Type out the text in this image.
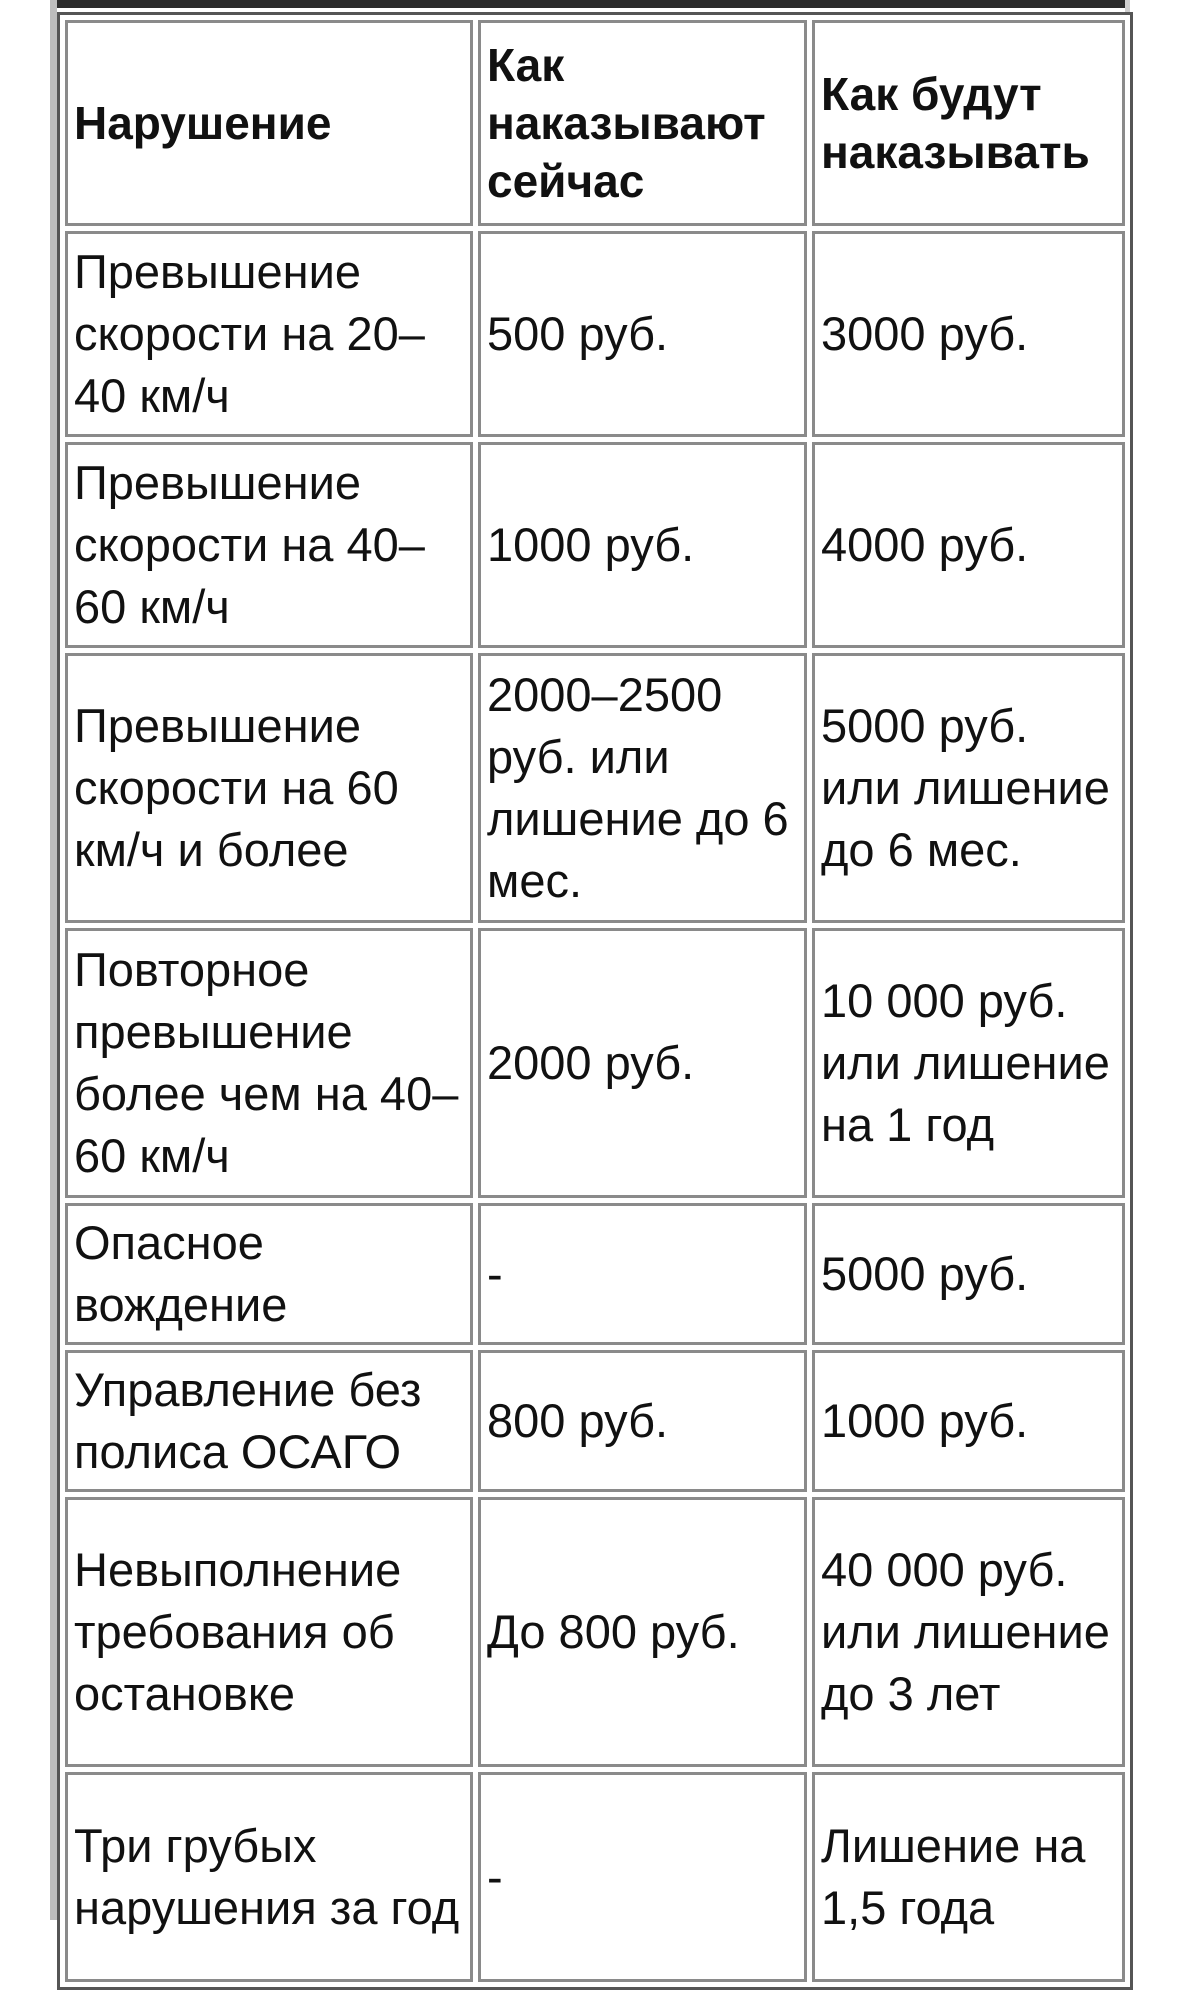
Нарушение	Как наказывают сейчас	Как будут наказывать
Превышение скорости на 20–40 км/ч	500 руб.	3000 руб.
Превышение скорости на 40–60 км/ч	1000 руб.	4000 руб.
Превышение скорости на 60 км/ч и более	2000–2500 руб. или лишение до 6 мес.	5000 руб. или лишение до 6 мес.
Повторное превышение более чем на 40–60 км/ч	2000 руб.	10 000 руб. или лишение на 1 год
Опасное вождение	-	5000 руб.
Управление без полиса ОСАГО	800 руб.	1000 руб.
Невыполнение требования об остановке	До 800 руб.	40 000 руб. или лишение до 3 лет
Три грубых нарушения за год	-	Лишение на 1,5 года
